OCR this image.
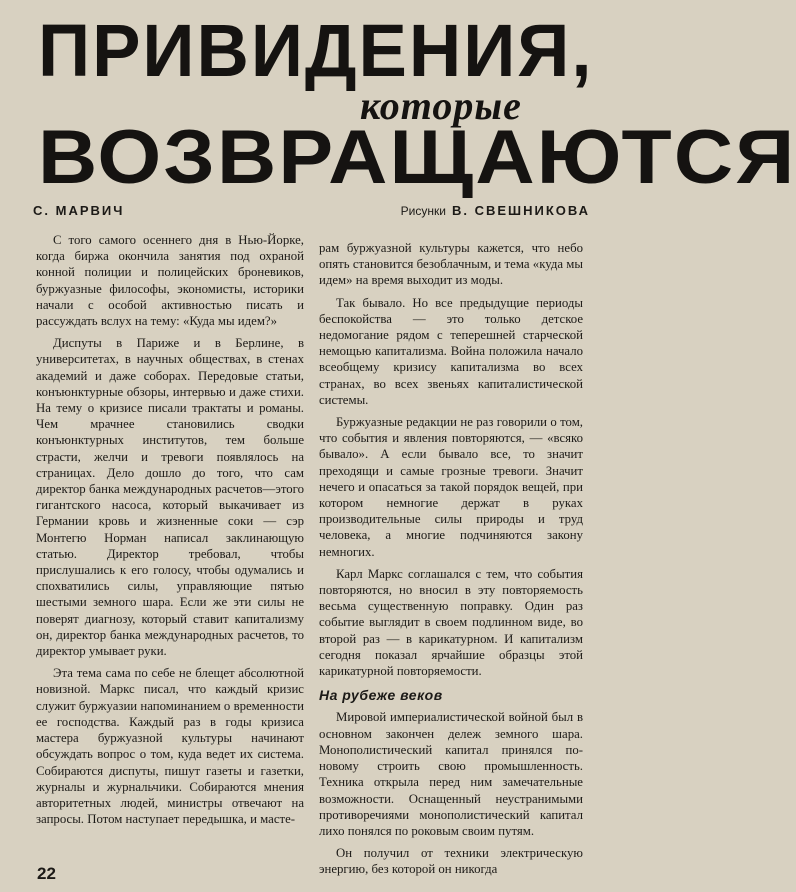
ПРИВИДЕНИЯ,
которые
ВОЗВРАЩАЮТСЯ
С. МАРВИЧ	Рисунки В. СВЕШНИКОВА

С того самого осеннего дня в Нью-Йорке, когда биржа окончила занятия под охраной конной полиции и полицейских броневиков, буржуазные философы, экономисты, историки начали с особой активностью писать и рассуждать вслух на тему: «Куда мы идем?»

Диспуты в Париже и в Берлине, в университетах, в научных обществах, в стенах академий и даже соборах. Передовые статьи, конъюнктурные обзоры, интервью и даже стихи. На тему о кризисе писали трактаты и романы. Чем мрачнее становились сводки конъюнктурных институтов, тем больше страсти, желчи и тревоги появлялось на страницах. Дело дошло до того, что сам директор банка международных расчетов—этого гигантского насоса, который выкачивает из Германии кровь и жизненные соки — сэр Монтегю Норман написал заклинающую статью. Директор требовал, чтобы прислушались к его голосу, чтобы одумались и спохватились силы, управляющие пятью шестыми земного шара. Если же эти силы не поверят диагнозу, который ставит капитализму он, директор банка международных расчетов, то директор умывает руки.

Эта тема сама по себе не блещет абсолютной новизной. Маркс писал, что каждый кризис служит буржуазии напоминанием о временности ее господства. Каждый раз в годы кризиса мастера буржуазной культуры начинают обсуждать вопрос о том, куда ведет их система. Собираются диспуты, пишут газеты и газетки, журналы и журнальчики. Собираются мнения авторитетных людей, министры отвечают на запросы. Потом наступает передышка, и масте-

рам буржуазной культуры кажется, что небо опять становится безоблачным, и тема «куда мы идем» на время выходит из моды.

Так бывало. Но все предыдущие периоды беспокойства — это только детское недомогание рядом с теперешней старческой немощью капитализма. Война положила начало всеобщему кризису капитализма во всех странах, во всех звеньях капиталистической системы.

Буржуазные редакции не раз говорили о том, что события и явления повторяются, — «всяко бывало». А если бывало все, то значит преходящи и самые грозные тревоги. Значит нечего и опасаться за такой порядок вещей, при котором немногие держат в руках производительные силы природы и труд человека, а многие подчиняются закону немногих.

Карл Маркс соглашался с тем, что события повторяются, но вносил в эту повторяемость весьма существенную поправку. Один раз событие выглядит в своем подлинном виде, во второй раз — в карикатурном. И капитализм сегодня показал ярчайшие образцы этой карикатурной повторяемости.

На рубеже веков

Мировой империалистической войной был в основном закончен дележ земного шара. Монополистический капитал принялся по-новому строить свою промышленность. Техника открыла перед ним замечательные возможности. Оснащенный неустранимыми противоречиями монополистический капитал лихо понялся по роковым своим путям.

Он получил от техники электрическую энергию, без которой он никогда

22
